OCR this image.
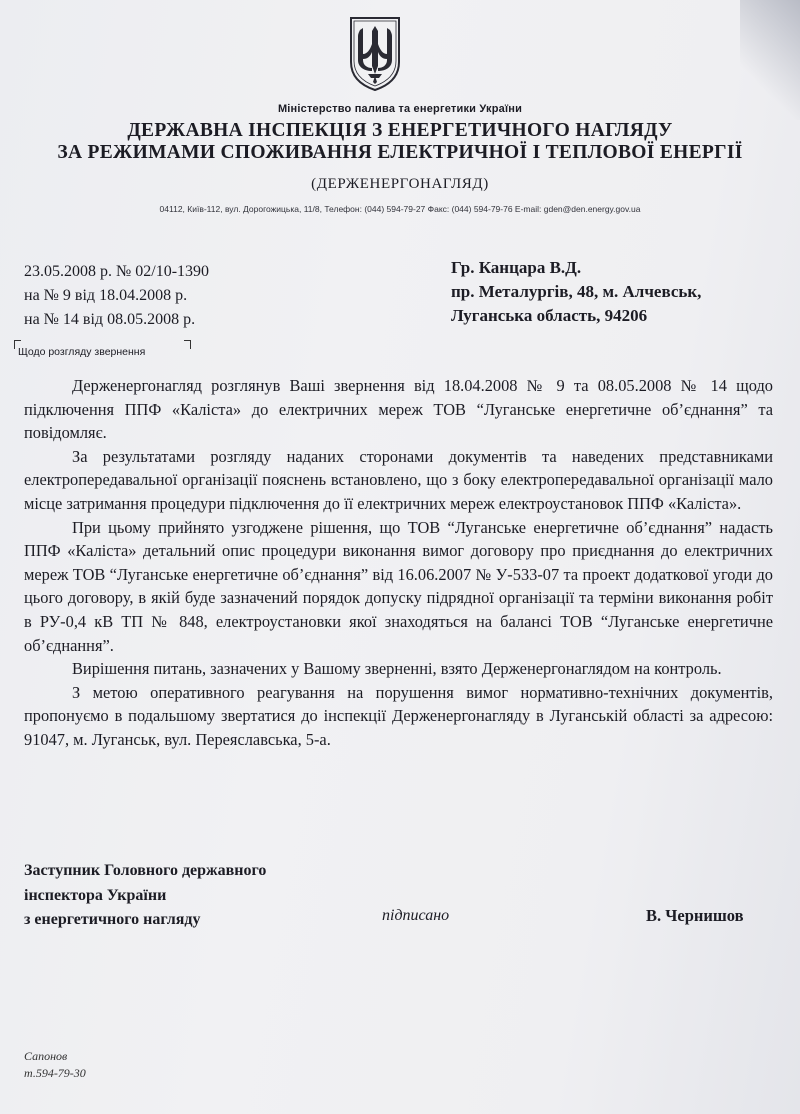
Міністерство палива та енергетики України
ДЕРЖАВНА ІНСПЕКЦІЯ З ЕНЕРГЕТИЧНОГО НАГЛЯДУ
ЗА РЕЖИМАМИ СПОЖИВАННЯ ЕЛЕКТРИЧНОЇ І ТЕПЛОВОЇ ЕНЕРГІЇ
(ДЕРЖЕНЕРГОНАГЛЯД)
04112, Київ-112, вул. Дорогожицька, 11/8, Телефон: (044) 594-79-27 Факс: (044) 594-79-76 E-mail: gden@den.energy.gov.ua
23.05.2008 р. № 02/10-1390
на № 9 від 18.04.2008 р.
на № 14 від 08.05.2008 р.
Гр. Канцара В.Д.
пр. Металургів, 48, м. Алчевськ,
Луганська область, 94206
Щодо розгляду звернення

Держенергонагляд розглянув Ваші звернення від 18.04.2008 № 9 та 08.05.2008 № 14 щодо підключення ППФ «Каліста» до електричних мереж ТОВ “Луганське енергетичне об’єднання” та повідомляє.

За результатами розгляду наданих сторонами документів та наведених представниками електропередавальної організації пояснень встановлено, що з боку електропередавальної організації мало місце затримання процедури підключення до її електричних мереж електроустановок ППФ «Каліста».

При цьому прийнято узгоджене рішення, що ТОВ “Луганське енергетичне об’єднання” надасть ППФ «Каліста» детальний опис процедури виконання вимог договору про приєднання до електричних мереж ТОВ “Луганське енергетичне об’єднання” від 16.06.2007 № У-533-07 та проект додаткової угоди до цього договору, в якій буде зазначений порядок допуску підрядної організації та терміни виконання робіт в РУ-0,4 кВ ТП № 848, електроустановки якої знаходяться на балансі ТОВ “Луганське енергетичне об’єднання”.

Вирішення питань, зазначених у Вашому зверненні, взято Держенергонаглядом на контроль.

З метою оперативного реагування на порушення вимог нормативно-технічних документів, пропонуємо в подальшому звертатися до інспекції Держенергонагляду в Луганській області за адресою: 91047, м. Луганськ, вул. Переяславська, 5-а.

Заступник Головного державного
інспектора України
з енергетичного нагляду	підписано	В. Чернишов
Сапонов
т.594-79-30
